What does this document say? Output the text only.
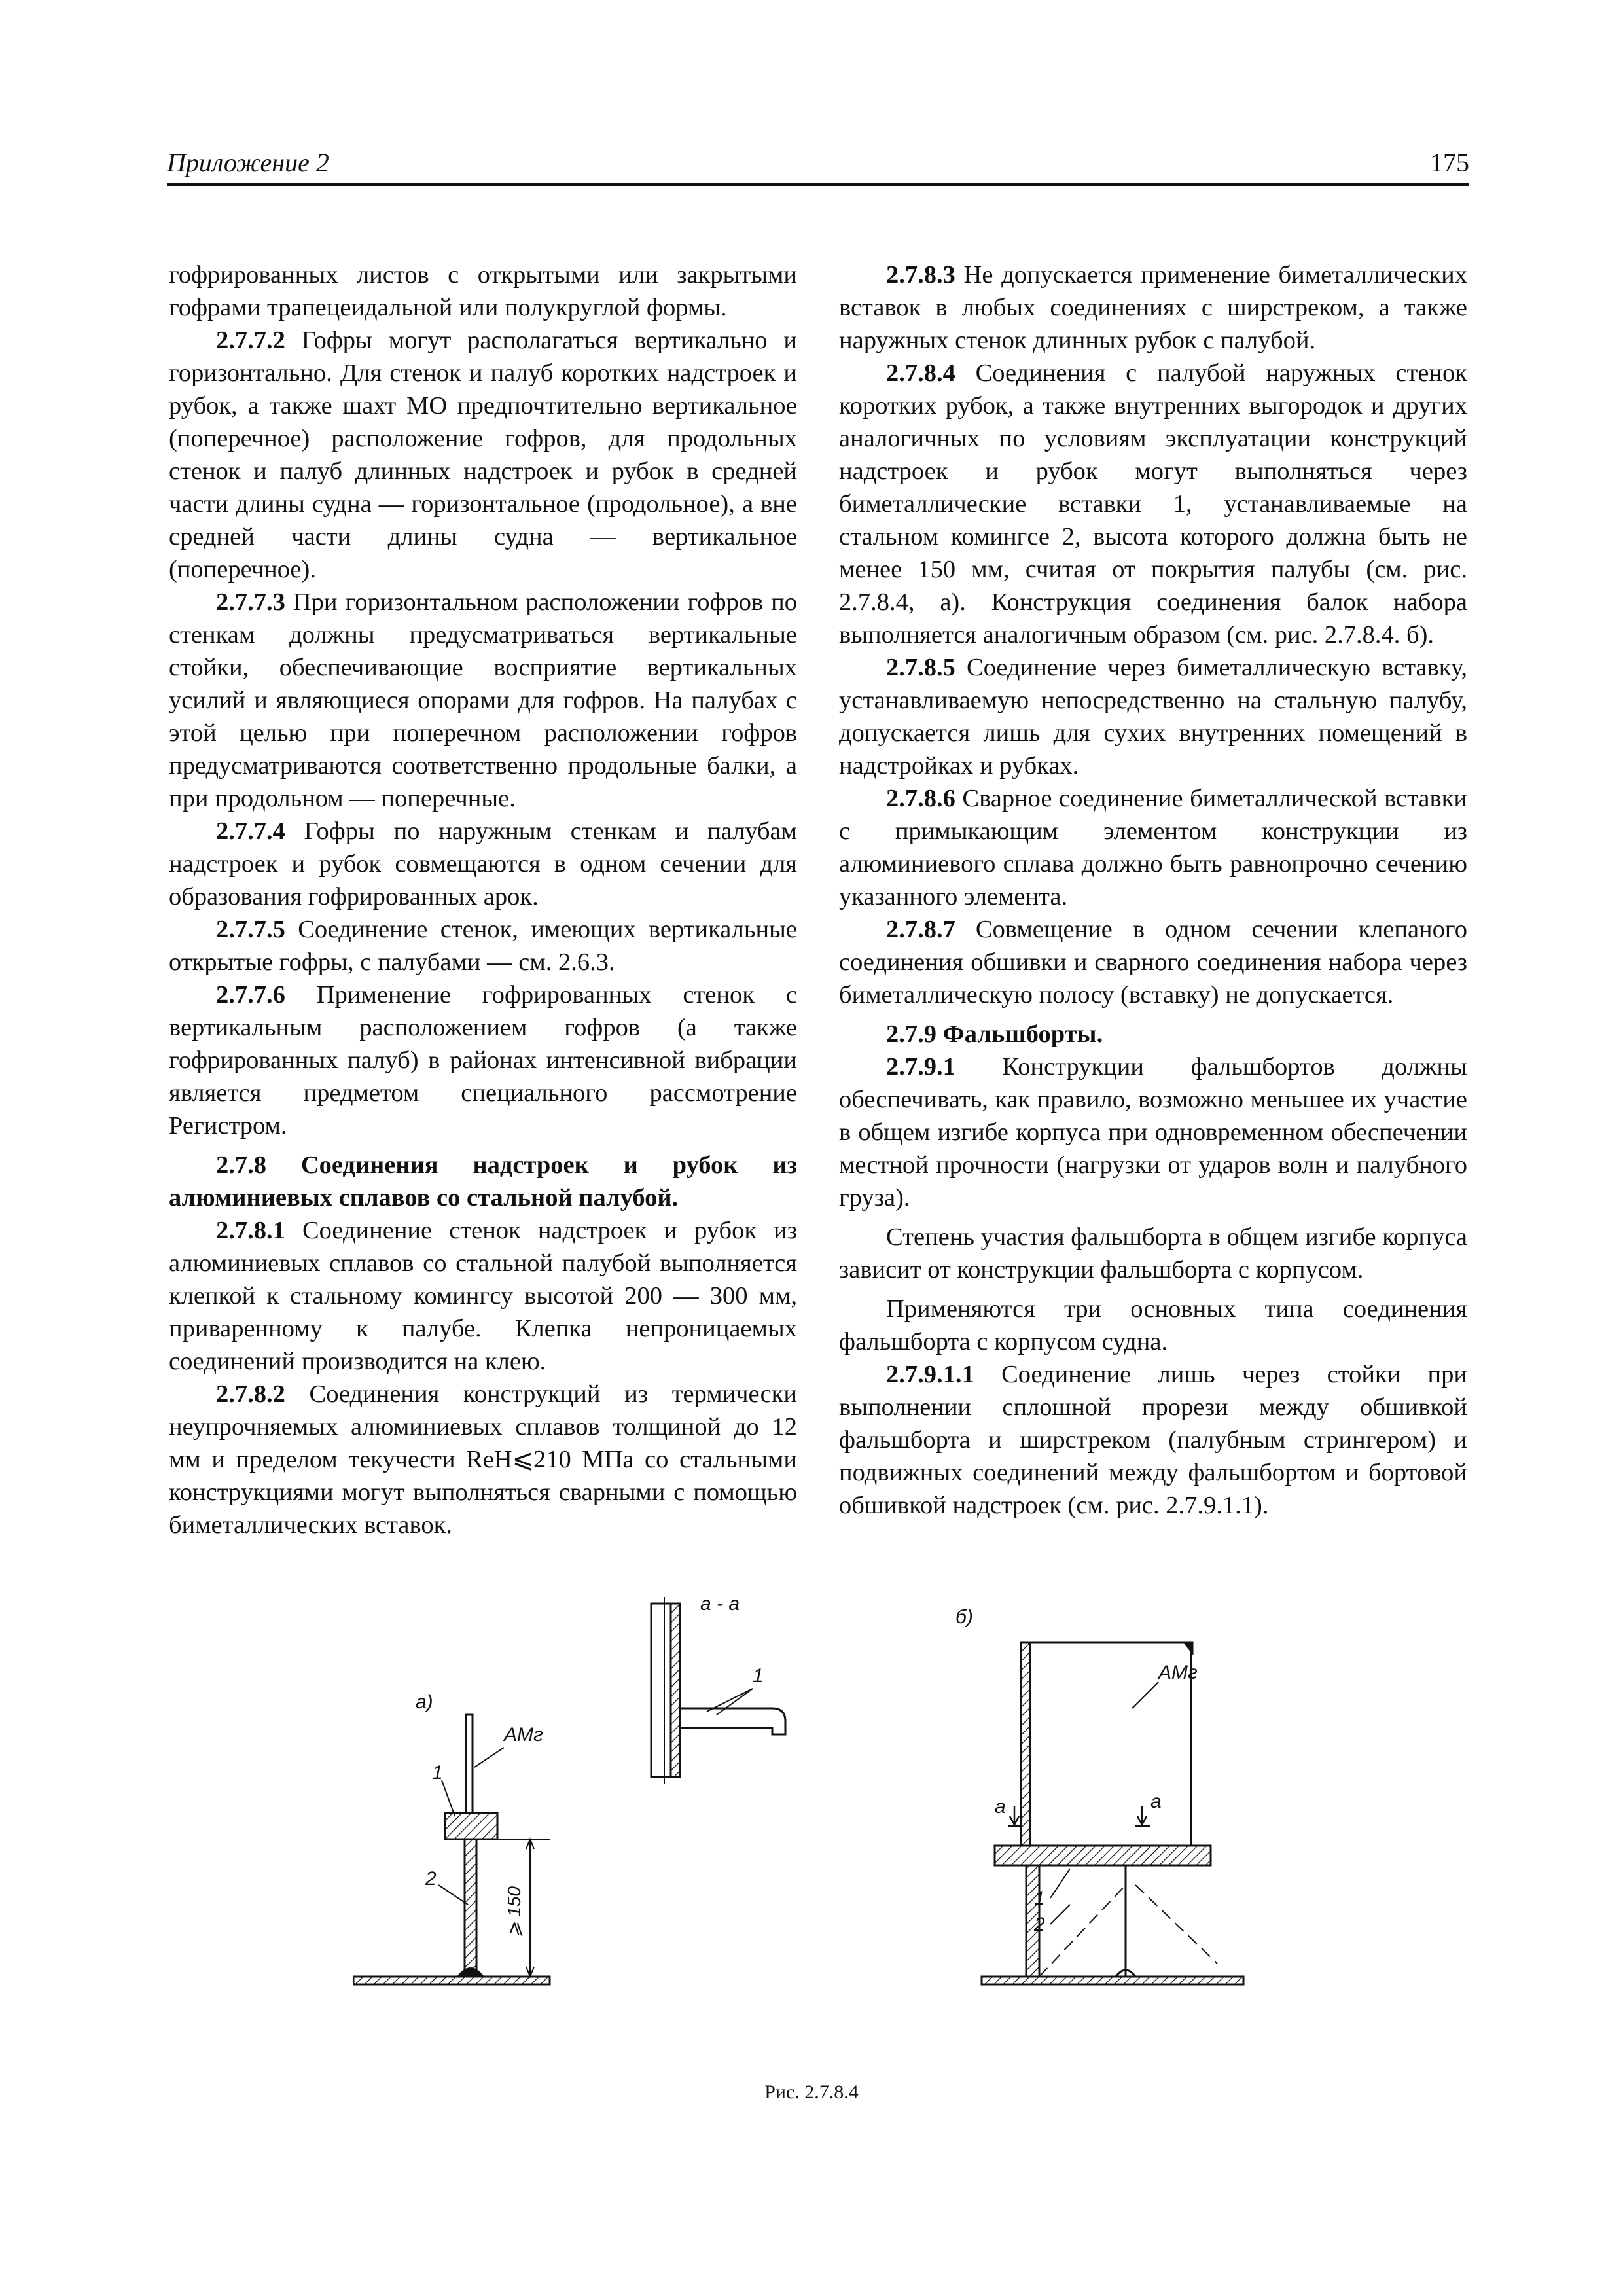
Приложение 2	175

гофрированных листов с открытыми или закрытыми гофрами трапецеидальной или полукруглой формы.

2.7.7.2 Гофры могут располагаться вертикально и горизонтально. Для стенок и палуб коротких надстроек и рубок, а также шахт МО предпочтительно вертикальное (поперечное) расположение гофров, для продольных стенок и палуб длинных надстроек и рубок в средней части длины судна — горизонтальное (продольное), а вне средней части длины судна — вертикальное (поперечное).

2.7.7.3 При горизонтальном расположении гофров по стенкам должны предусматриваться вертикальные стойки, обеспечивающие восприятие вертикальных усилий и являющиеся опорами для гофров. На палубах с этой целью при поперечном расположении гофров предусматриваются соответственно продольные балки, а при продольном — поперечные.

2.7.7.4 Гофры по наружным стенкам и палубам надстроек и рубок совмещаются в одном сечении для образования гофрированных арок.

2.7.7.5 Соединение стенок, имеющих вертикальные открытые гофры, с палубами — см. 2.6.3.

2.7.7.6 Применение гофрированных стенок с вертикальным расположением гофров (а также гофрированных палуб) в районах интенсивной вибрации является предметом специального рассмотрение Регистром.

2.7.8 Соединения надстроек и рубок из алюминиевых сплавов со стальной палубой.

2.7.8.1 Соединение стенок надстроек и рубок из алюминиевых сплавов со стальной палубой выполняется клепкой к стальному комингсу высотой 200 — 300 мм, приваренному к палубе. Клепка непроницаемых соединений производится на клею.

2.7.8.2 Соединения конструкций из термически неупрочняемых алюминиевых сплавов толщиной до 12 мм и пределом текучести ReH⩽210 МПа со стальными конструкциями могут выполняться сварными с помощью биметаллических вставок.

2.7.8.3 Не допускается применение биметаллических вставок в любых соединениях с ширстреком, а также наружных стенок длинных рубок с палубой.

2.7.8.4 Соединения с палубой наружных стенок коротких рубок, а также внутренних выгородок и других аналогичных по условиям эксплуатации конструкций надстроек и рубок могут выполняться через биметаллические вставки 1, устанавливаемые на стальном комингсе 2, высота которого должна быть не менее 150 мм, считая от покрытия палубы (см. рис. 2.7.8.4, а). Конструкция соединения балок набора выполняется аналогичным образом (см. рис. 2.7.8.4. б).

2.7.8.5 Соединение через биметаллическую вставку, устанавливаемую непосредственно на стальную палубу, допускается лишь для сухих внутренних помещений в надстройках и рубках.

2.7.8.6 Сварное соединение биметаллической вставки с примыкающим элементом конструкции из алюминиевого сплава должно быть равнопрочно сечению указанного элемента.

2.7.8.7 Совмещение в одном сечении клепаного соединения обшивки и сварного соединения набора через биметаллическую полосу (вставку) не допускается.

2.7.9 Фальшборты.

2.7.9.1 Конструкции фальшбортов должны обеспечивать, как правило, возможно меньшее их участие в общем изгибе корпуса при одновременном обеспечении местной прочности (нагрузки от ударов волн и палубного груза).

Степень участия фальшборта в общем изгибе корпуса зависит от конструкции фальшборта с корпусом.

Применяются три основных типа соединения фальшборта с корпусом судна.

2.7.9.1.1 Соединение лишь через стойки при выполнении сплошной прорези между обшивкой фальшборта и ширстреком (палубным стрингером) и подвижных соединений между фальшбортом и бортовой обшивкой надстроек (см. рис. 2.7.9.1.1).

а)
АМг
1
2
⩾ 150
а - а
1
б)
АМг
а	а
1
2
Рис. 2.7.8.4
